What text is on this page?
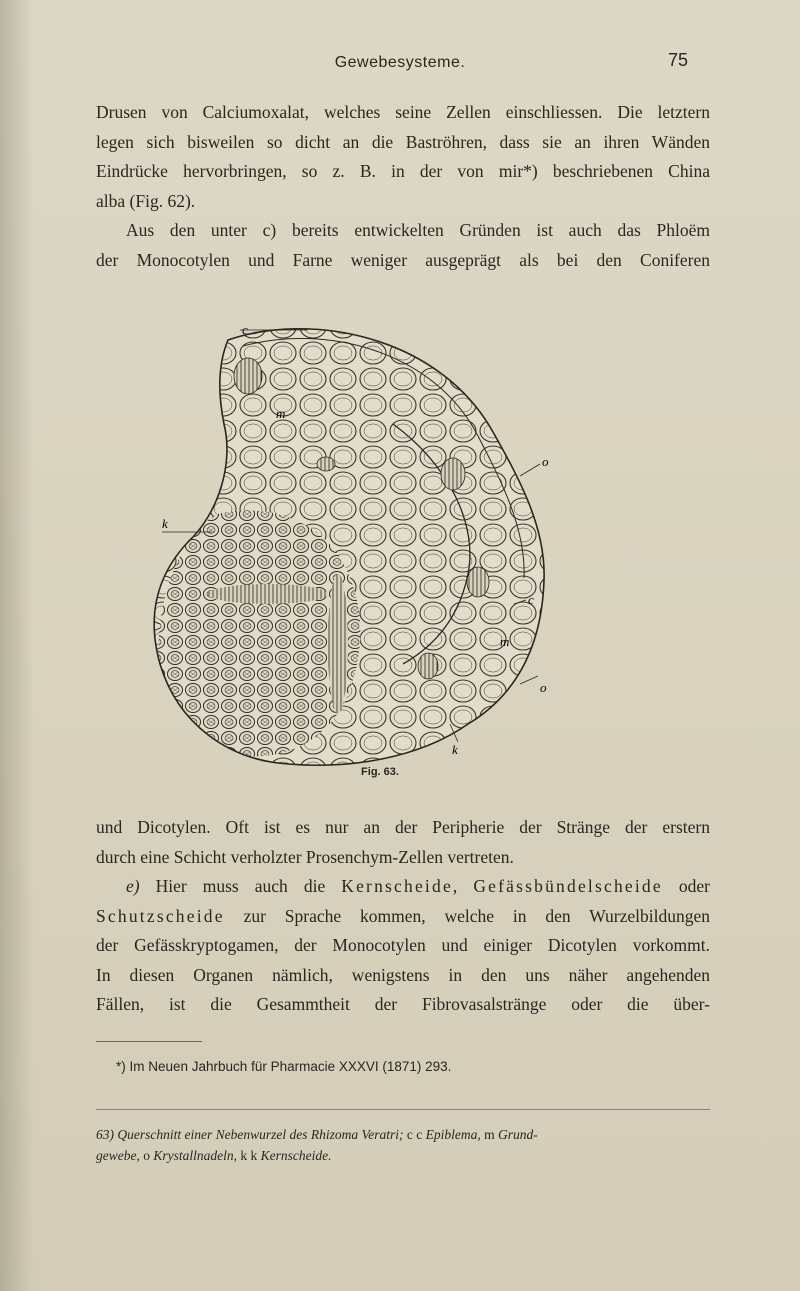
Gewebesysteme.	75
Drusen von Calciumoxalat, welches seine Zellen einschliessen. Die letztern
legen sich bisweilen so dicht an die Baströhren, dass sie an ihren Wänden
Eindrücke hervorbringen, so z. B. in der von mir*) beschriebenen China
alba (Fig. 62).
Aus den unter c) bereits entwickelten Gründen ist auch das Phloëm
der Monocotylen und Farne weniger ausgeprägt als bei den Coniferen
c
m
o
k
c
m
o
k
Fig. 63.
und Dicotylen. Oft ist es nur an der Peripherie der Stränge der erstern
durch eine Schicht verholzter Prosenchym-Zellen vertreten.
e) Hier muss auch die Kernscheide, Gefässbündelscheide oder
Schutzscheide zur Sprache kommen, welche in den Wurzelbildungen
der Gefässkryptogamen, der Monocotylen und einiger Dicotylen vorkommt.
In diesen Organen nämlich, wenigstens in den uns näher angehenden
Fällen, ist die Gesammtheit der Fibrovasalstränge oder die über-
*) Im Neuen Jahrbuch für Pharmacie XXXVI (1871) 293.
63) Querschnitt einer Nebenwurzel des Rhizoma Veratri; c c Epiblema, m Grund-
gewebe, o Krystallnadeln, k k Kernscheide.
